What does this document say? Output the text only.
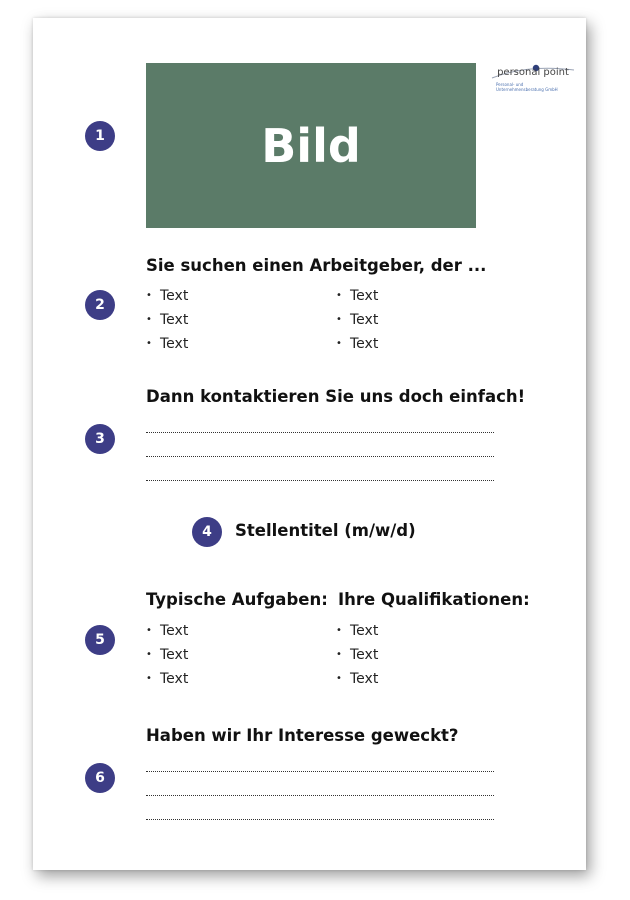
1	Bild
personal point
Personal- und
Unternehmensberatung GmbH
Sie suchen einen Arbeitgeber, der ...
2
• Text
• Text
• Text
• Text
• Text
• Text
Dann kontaktieren Sie uns doch einfach!
3
4	Stellentitel (m/w/d)
Typische Aufgaben: Ihre Qualifikationen:
5
• Text
• Text
• Text
• Text
• Text
• Text
Haben wir Ihr Interesse geweckt?
6
